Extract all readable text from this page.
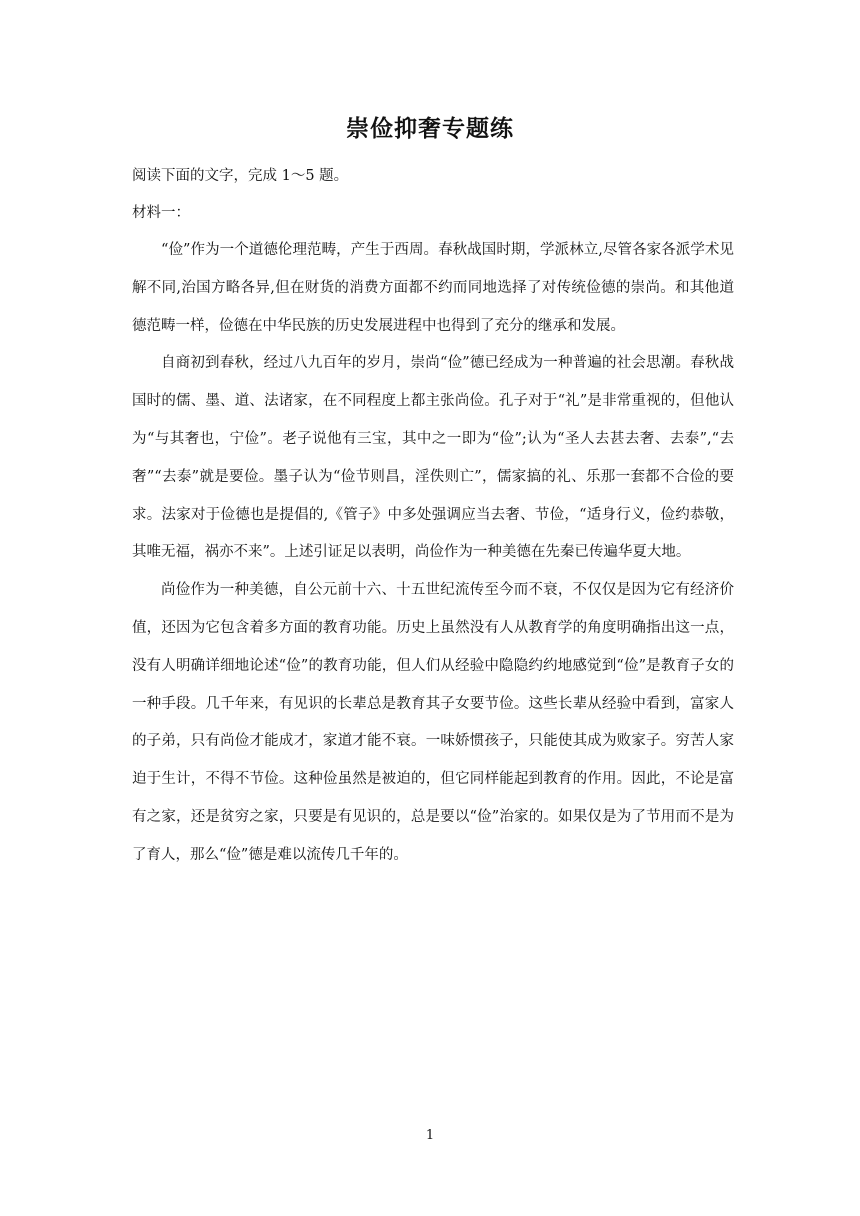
崇俭抑奢专题练

阅读下面的文字，完成 1～5 题。

材料一：

“俭”作为一个道德伦理范畴，产生于西周。春秋战国时期，学派林立,尽管各家各派学术见解不同,治国方略各异,但在财货的消费方面都不约而同地选择了对传统俭德的崇尚。和其他道德范畴一样，俭德在中华民族的历史发展进程中也得到了充分的继承和发展。

自商初到春秋，经过八九百年的岁月，崇尚“俭”德已经成为一种普遍的社会思潮。春秋战国时的儒、墨、道、法诸家，在不同程度上都主张尚俭。孔子对于“礼”是非常重视的，但他认为“与其奢也，宁俭”。老子说他有三宝，其中之一即为“俭”;认为“圣人去甚去奢、去泰”,“去奢”“去泰”就是要俭。墨子认为“俭节则昌，淫佚则亡”，儒家搞的礼、乐那一套都不合俭的要求。法家对于俭德也是提倡的,《管子》中多处强调应当去奢、节俭，“适身行义，俭约恭敬，其唯无福，祸亦不来”。上述引证足以表明，尚俭作为一种美德在先秦已传遍华夏大地。

尚俭作为一种美德，自公元前十六、十五世纪流传至今而不衰，不仅仅是因为它有经济价值，还因为它包含着多方面的教育功能。历史上虽然没有人从教育学的角度明确指出这一点，没有人明确详细地论述“俭”的教育功能，但人们从经验中隐隐约约地感觉到“俭”是教育子女的一种手段。几千年来，有见识的长辈总是教育其子女要节俭。这些长辈从经验中看到，富家人的子弟，只有尚俭才能成才，家道才能不衰。一味娇惯孩子，只能使其成为败家子。穷苦人家迫于生计，不得不节俭。这种俭虽然是被迫的，但它同样能起到教育的作用。因此，不论是富有之家，还是贫穷之家，只要是有见识的，总是要以“俭”治家的。如果仅是为了节用而不是为了育人，那么“俭”德是难以流传几千年的。

1
